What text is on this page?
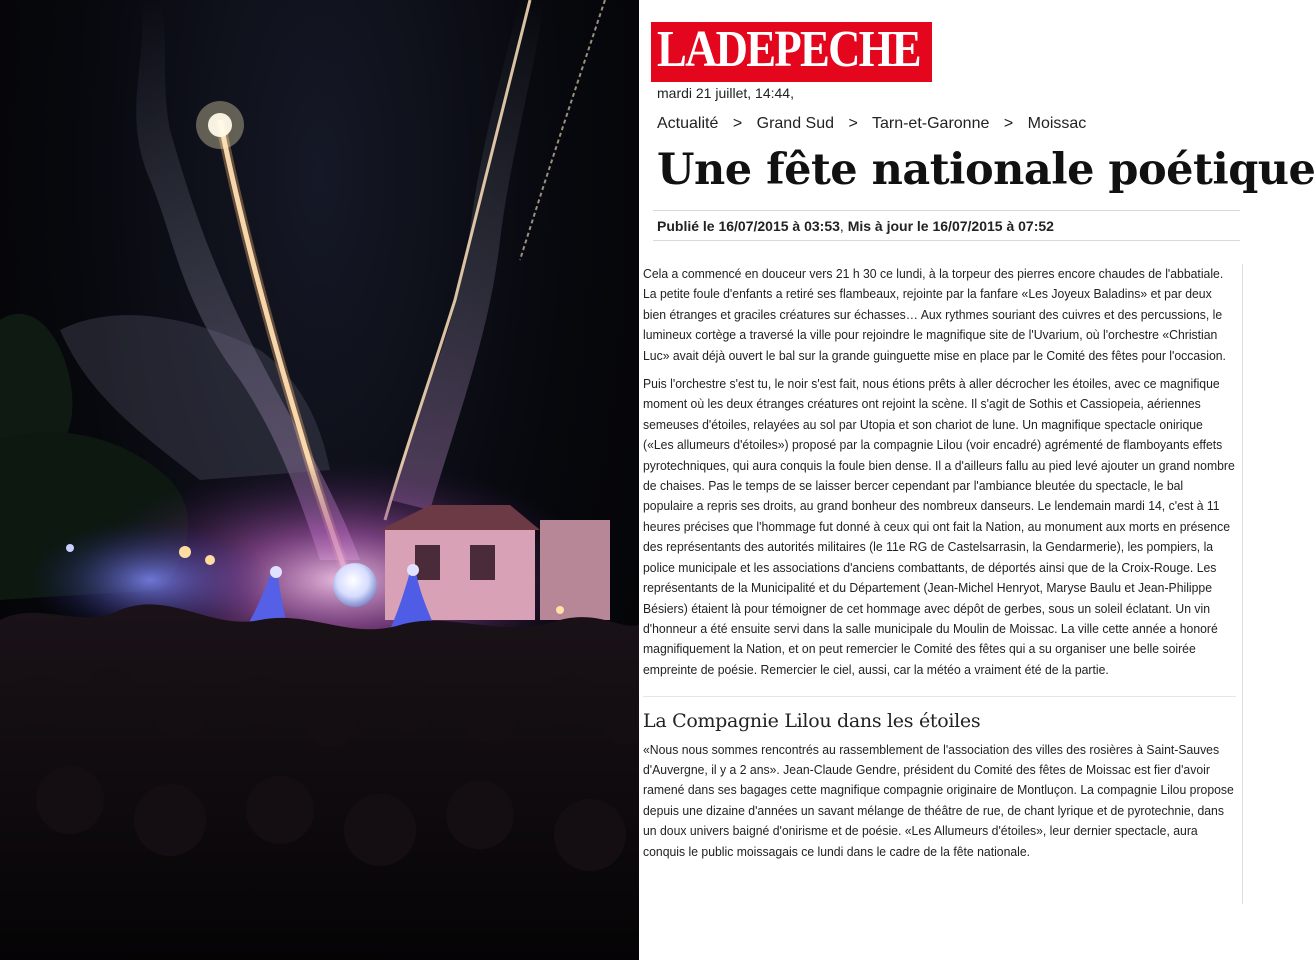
LADEPECHE fr
mardi 21 juillet, 14:44,
Actualité > Grand Sud > Tarn-et-Garonne > Moissac
Une fête nationale poétique
Publié le 16/07/2015 à 03:53, Mis à jour le 16/07/2015 à 07:52

Cela a commencé en douceur vers 21 h 30 ce lundi, à la torpeur des pierres encore chaudes de l'abbatiale. La petite foule d'enfants a retiré ses flambeaux, rejointe par la fanfare «Les Joyeux Baladins» et par deux bien étranges et graciles créatures sur échasses… Aux rythmes souriant des cuivres et des percussions, le lumineux cortège a traversé la ville pour rejoindre le magnifique site de l'Uvarium, où l'orchestre «Christian Luc» avait déjà ouvert le bal sur la grande guinguette mise en place par le Comité des fêtes pour l'occasion.

Puis l'orchestre s'est tu, le noir s'est fait, nous étions prêts à aller décrocher les étoiles, avec ce magnifique moment où les deux étranges créatures ont rejoint la scène. Il s'agit de Sothis et Cassiopeia, aériennes semeuses d'étoiles, relayées au sol par Utopia et son chariot de lune. Un magnifique spectacle onirique («Les allumeurs d'étoiles») proposé par la compagnie Lilou (voir encadré) agrémenté de flamboyants effets pyrotechniques, qui aura conquis la foule bien dense. Il a d'ailleurs fallu au pied levé ajouter un grand nombre de chaises. Pas le temps de se laisser bercer cependant par l'ambiance bleutée du spectacle, le bal populaire a repris ses droits, au grand bonheur des nombreux danseurs. Le lendemain mardi 14, c'est à 11 heures précises que l'hommage fut donné à ceux qui ont fait la Nation, au monument aux morts en présence des représentants des autorités militaires (le 11e RG de Castelsarrasin, la Gendarmerie), les pompiers, la police municipale et les associations d'anciens combattants, de déportés ainsi que de la Croix-Rouge. Les représentants de la Municipalité et du Département (Jean-Michel Henryot, Maryse Baulu et Jean-Philippe Bésiers) étaient là pour témoigner de cet hommage avec dépôt de gerbes, sous un soleil éclatant. Un vin d'honneur a été ensuite servi dans la salle municipale du Moulin de Moissac. La ville cette année a honoré magnifiquement la Nation, et on peut remercier le Comité des fêtes qui a su organiser une belle soirée empreinte de poésie. Remercier le ciel, aussi, car la météo a vraiment été de la partie.

La Compagnie Lilou dans les étoiles

«Nous nous sommes rencontrés au rassemblement de l'association des villes des rosières à Saint-Sauves d'Auvergne, il y a 2 ans». Jean-Claude Gendre, président du Comité des fêtes de Moissac est fier d'avoir ramené dans ses bagages cette magnifique compagnie originaire de Montluçon. La compagnie Lilou propose depuis une dizaine d'années un savant mélange de théâtre de rue, de chant lyrique et de pyrotechnie, dans un doux univers baigné d'onirisme et de poésie. «Les Allumeurs d'étoiles», leur dernier spectacle, aura conquis le public moissagais ce lundi dans le cadre de la fête nationale.
